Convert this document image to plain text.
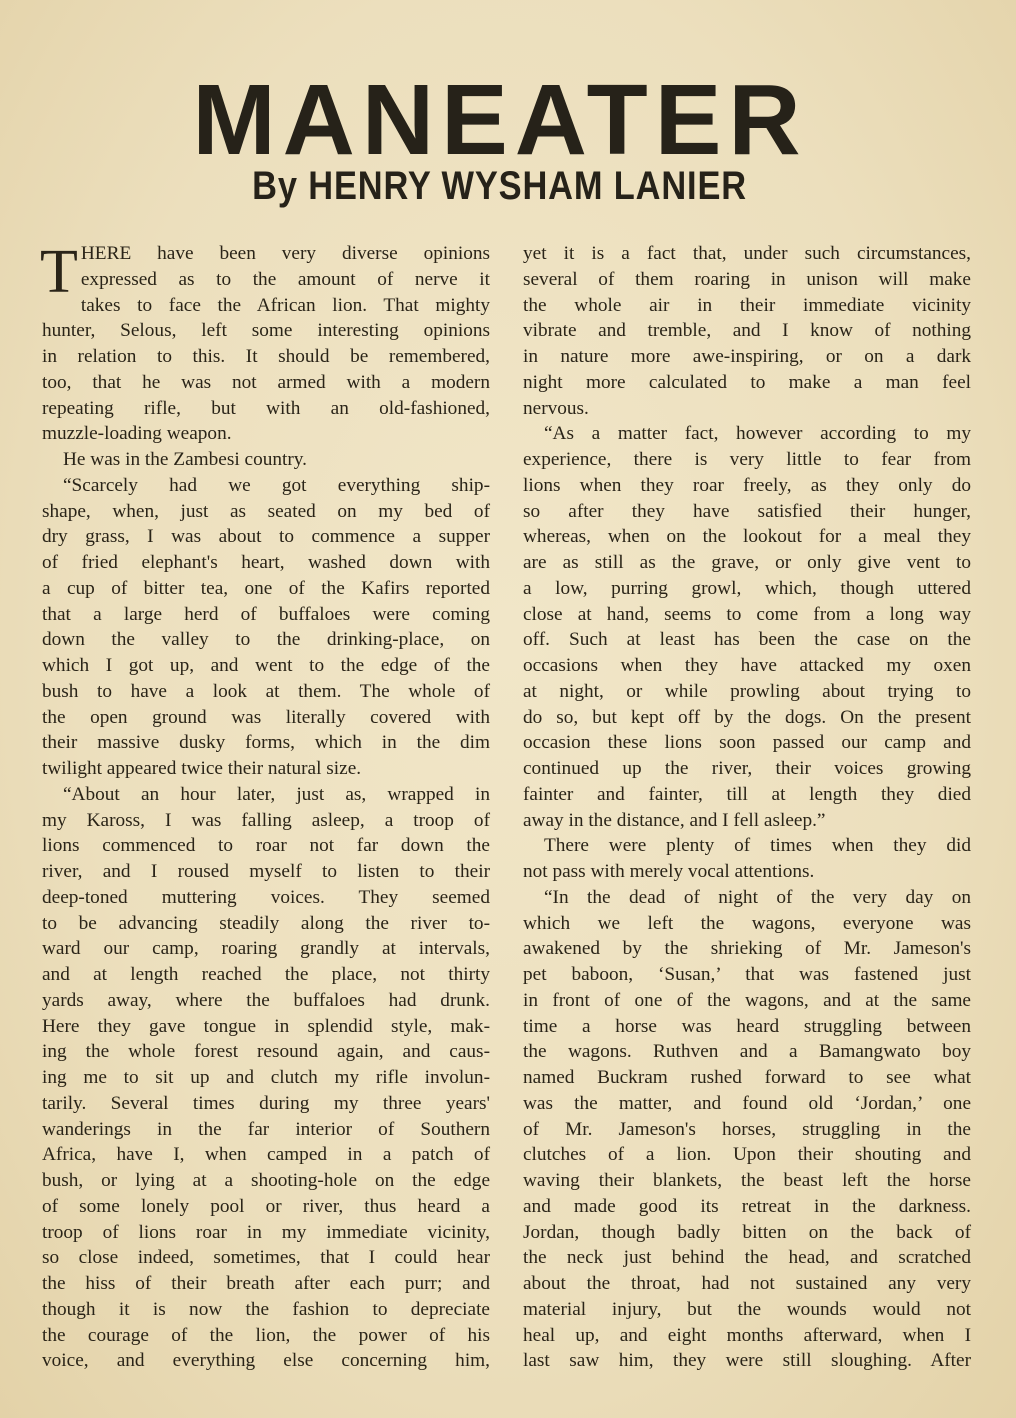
MANEATER
By HENRY WYSHAM LANIER
T HERE have been very diverse opinions
expressed as to the amount of nerve it
takes to face the African lion. That mighty
hunter, Selous, left some interesting opinions
in relation to this. It should be remembered,
too, that he was not armed with a modern
repeating rifle, but with an old-fashioned,
muzzle-loading weapon.
He was in the Zambesi country.
“Scarcely had we got everything ship-
shape, when, just as seated on my bed of
dry grass, I was about to commence a supper
of fried elephant's heart, washed down with
a cup of bitter tea, one of the Kafirs reported
that a large herd of buffaloes were coming
down the valley to the drinking-place, on
which I got up, and went to the edge of the
bush to have a look at them. The whole of
the open ground was literally covered with
their massive dusky forms, which in the dim
twilight appeared twice their natural size.
“About an hour later, just as, wrapped in
my Kaross, I was falling asleep, a troop of
lions commenced to roar not far down the
river, and I roused myself to listen to their
deep-toned muttering voices. They seemed
to be advancing steadily along the river to-
ward our camp, roaring grandly at intervals,
and at length reached the place, not thirty
yards away, where the buffaloes had drunk.
Here they gave tongue in splendid style, mak-
ing the whole forest resound again, and caus-
ing me to sit up and clutch my rifle involun-
tarily. Several times during my three years'
wanderings in the far interior of Southern
Africa, have I, when camped in a patch of
bush, or lying at a shooting-hole on the edge
of some lonely pool or river, thus heard a
troop of lions roar in my immediate vicinity,
so close indeed, sometimes, that I could hear
the hiss of their breath after each purr; and
though it is now the fashion to depreciate
the courage of the lion, the power of his
voice, and everything else concerning him,
yet it is a fact that, under such circumstances,
several of them roaring in unison will make
the whole air in their immediate vicinity
vibrate and tremble, and I know of nothing
in nature more awe-inspiring, or on a dark
night more calculated to make a man feel
nervous.
“As a matter fact, however according to my
experience, there is very little to fear from
lions when they roar freely, as they only do
so after they have satisfied their hunger,
whereas, when on the lookout for a meal they
are as still as the grave, or only give vent to
a low, purring growl, which, though uttered
close at hand, seems to come from a long way
off. Such at least has been the case on the
occasions when they have attacked my oxen
at night, or while prowling about trying to
do so, but kept off by the dogs. On the present
occasion these lions soon passed our camp and
continued up the river, their voices growing
fainter and fainter, till at length they died
away in the distance, and I fell asleep.”
There were plenty of times when they did
not pass with merely vocal attentions.
“In the dead of night of the very day on
which we left the wagons, everyone was
awakened by the shrieking of Mr. Jameson's
pet baboon, ‘Susan,’ that was fastened just
in front of one of the wagons, and at the same
time a horse was heard struggling between
the wagons. Ruthven and a Bamangwato boy
named Buckram rushed forward to see what
was the matter, and found old ‘Jordan,’ one
of Mr. Jameson's horses, struggling in the
clutches of a lion. Upon their shouting and
waving their blankets, the beast left the horse
and made good its retreat in the darkness.
Jordan, though badly bitten on the back of
the neck just behind the head, and scratched
about the throat, had not sustained any very
material injury, but the wounds would not
heal up, and eight months afterward, when I
last saw him, they were still sloughing. After
